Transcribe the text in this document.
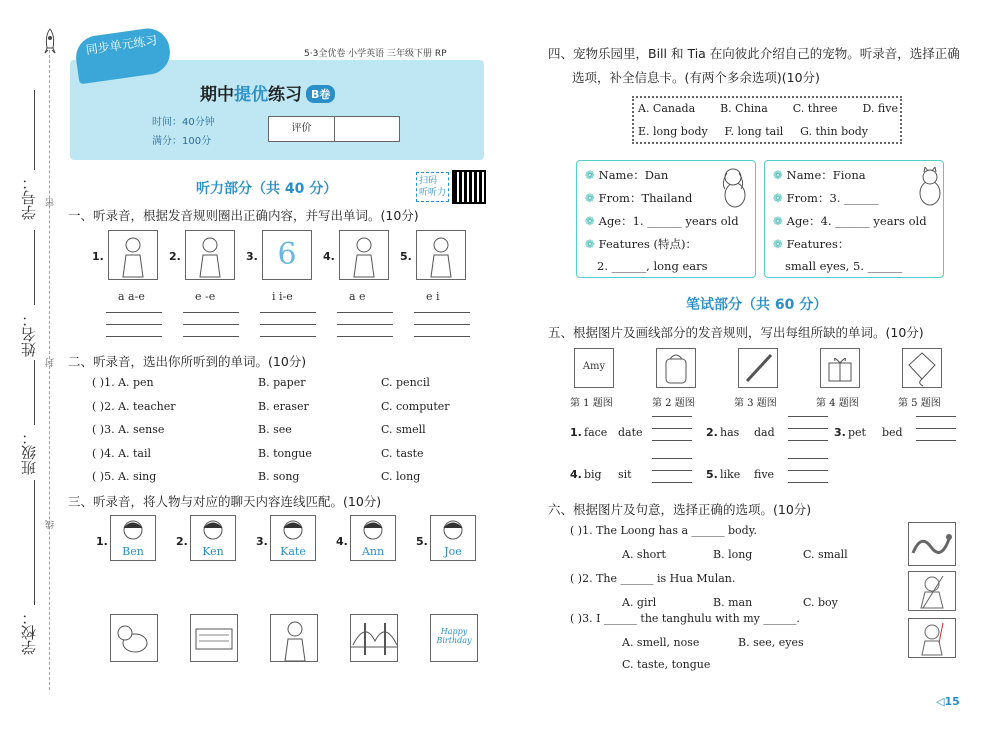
学号：
姓名：
班级：
学校：
密
封
线
同步单元练习	5·3全优卷 小学英语 三年级下册 RP
期中提优练习 B卷
时间：40分钟
满分：100分
评价
听力部分（共 40 分）	扫码
听听力
一、听录音，根据发音规则圈出正确内容，并写出单词。(10分)
1.
a a-e
2.
e -e
3. 6
i i-e
4.
a e
5.
e i
二、听录音，选出你所听到的单词。(10分)
( )1. A. pen	B. paper	C. pencil
( )2. A. teacher	B. eraser	C. computer
( )3. A. sense	B. see	C. smell
( )4. A. tail	B. tongue	C. taste
( )5. A. sing	B. song	C. long
三、听录音，将人物与对应的聊天内容连线匹配。(10分)
1.
Ben
2.
Ken
3.
Kate
4.
Ann
5.
Joe
Happy Birthday
四、宠物乐园里，Bill 和 Tia 在向彼此介绍自己的宠物。听录音，选择正确
选项，补全信息卡。(有两个多余选项)(10分)
A. Canada B. China C. three D. five
E. long body F. long tail G. thin body
❁ Name：Dan
❁ From：Thailand
❁ Age：1. ______ years old
❁ Features (特点)：
2. ______, long ears
❁ Name：Fiona
❁ From：3. ______
❁ Age：4. ______ years old
❁ Features：
small eyes, 5. ______
笔试部分（共 60 分）
五、根据图片及画线部分的发音规则，写出每组所缺的单词。(10分)
Amy
第 1 题图	第 2 题图	第 3 题图	第 4 题图	第 5 题图
1. face date	2. has dad	3. pet bed
4. big sit	5. like five
六、根据图片及句意，选择正确的选项。(10分)
( )1. The Loong has a ______ body.
A. short	B. long	C. small
( )2. The ______ is Hua Mulan.
A. girl	B. man	C. boy
( )3. I ______ the tanghulu with my ______.
A. smell, nose	B. see, eyes
C. taste, tongue
◁15
